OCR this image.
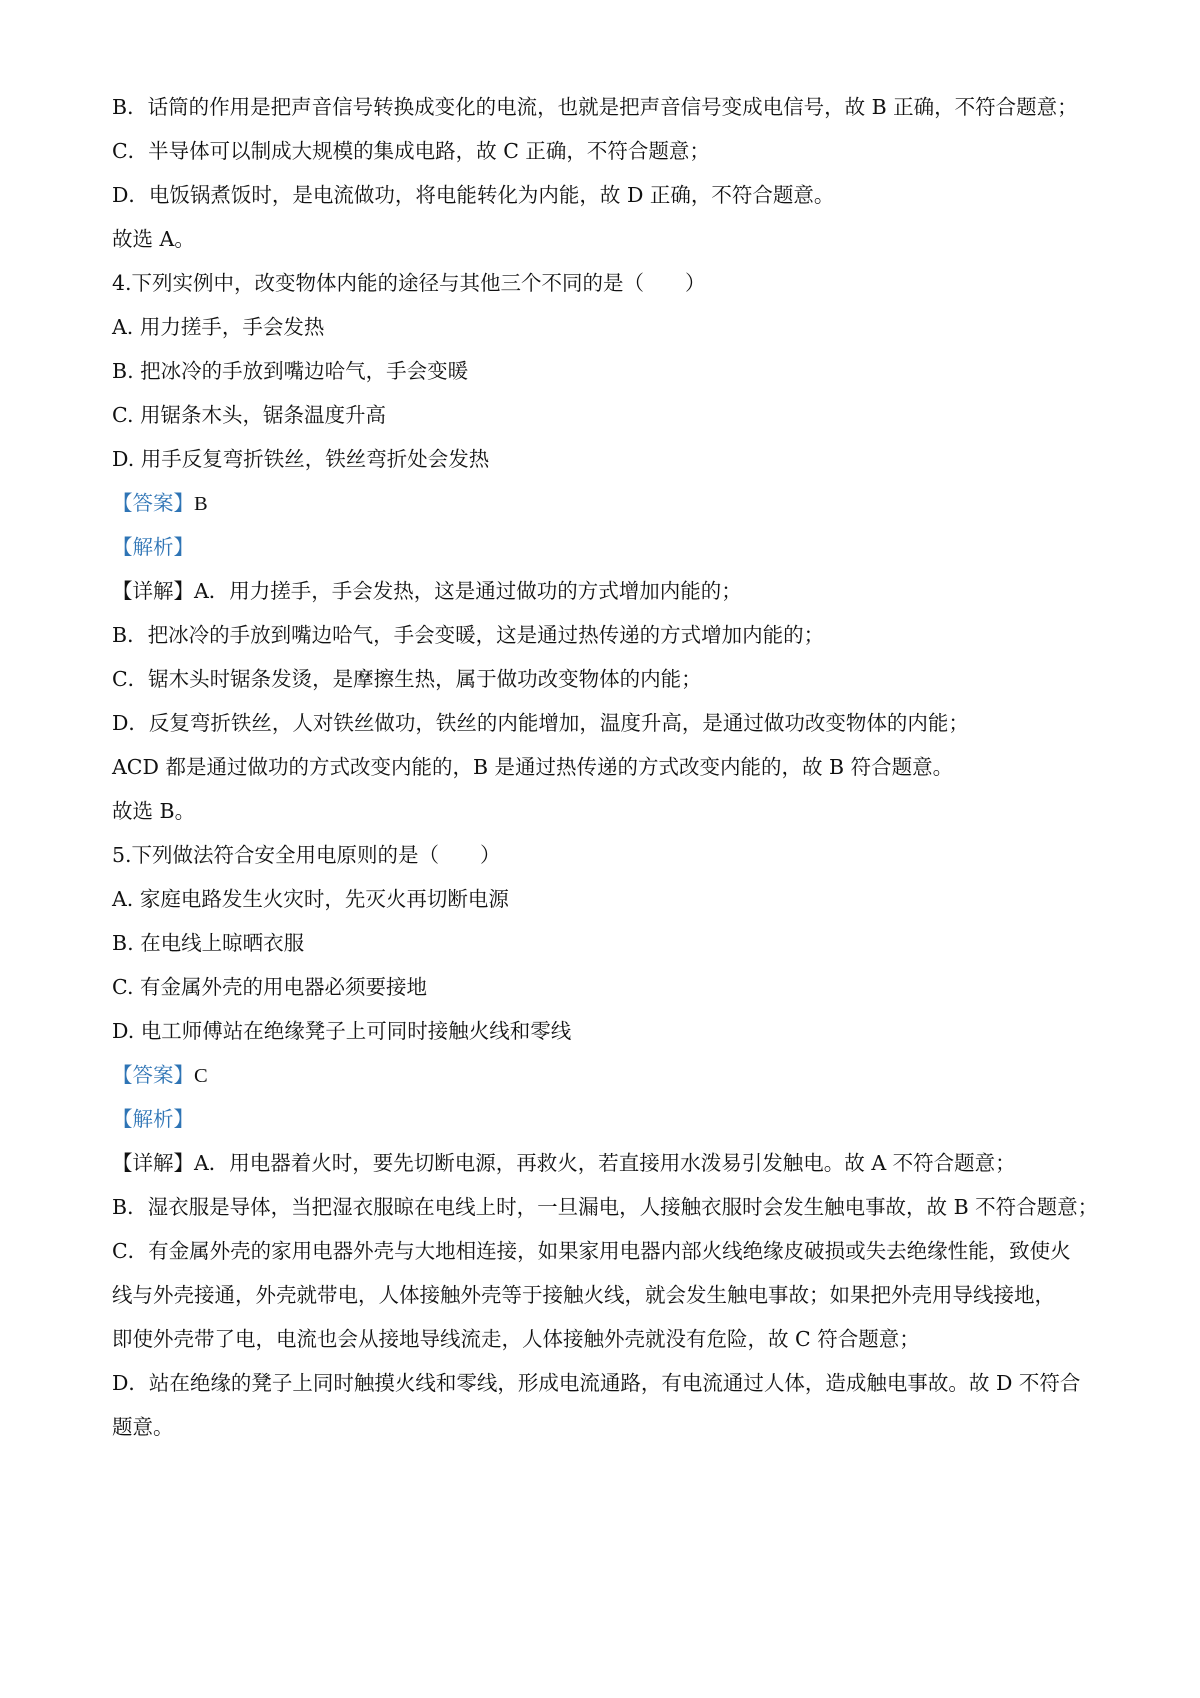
B．话筒的作用是把声音信号转换成变化的电流，也就是把声音信号变成电信号，故 B 正确，不符合题意；
C．半导体可以制成大规模的集成电路，故 C 正确，不符合题意；
D．电饭锅煮饭时，是电流做功，将电能转化为内能，故 D 正确，不符合题意。
故选 A。
4.下列实例中，改变物体内能的途径与其他三个不同的是（　　）
A. 用力搓手，手会发热
B. 把冰冷的手放到嘴边哈气，手会变暖
C. 用锯条木头，锯条温度升高
D. 用手反复弯折铁丝，铁丝弯折处会发热
【答案】B
【解析】
【详解】A．用力搓手，手会发热，这是通过做功的方式增加内能的；
B．把冰冷的手放到嘴边哈气，手会变暖，这是通过热传递的方式增加内能的；
C．锯木头时锯条发烫，是摩擦生热，属于做功改变物体的内能；
D．反复弯折铁丝，人对铁丝做功，铁丝的内能增加，温度升高，是通过做功改变物体的内能；
ACD 都是通过做功的方式改变内能的，B 是通过热传递的方式改变内能的，故 B 符合题意。
故选 B。
5.下列做法符合安全用电原则的是（　　）
A. 家庭电路发生火灾时，先灭火再切断电源
B. 在电线上晾晒衣服
C. 有金属外壳的用电器必须要接地
D. 电工师傅站在绝缘凳子上可同时接触火线和零线
【答案】C
【解析】
【详解】A．用电器着火时，要先切断电源，再救火，若直接用水泼易引发触电。故 A 不符合题意；
B．湿衣服是导体，当把湿衣服晾在电线上时，一旦漏电，人接触衣服时会发生触电事故，故 B 不符合题意；
C．有金属外壳的家用电器外壳与大地相连接，如果家用电器内部火线绝缘皮破损或失去绝缘性能，致使火
线与外壳接通，外壳就带电，人体接触外壳等于接触火线，就会发生触电事故；如果把外壳用导线接地，
即使外壳带了电，电流也会从接地导线流走，人体接触外壳就没有危险，故 C 符合题意；
D．站在绝缘的凳子上同时触摸火线和零线，形成电流通路，有电流通过人体，造成触电事故。故 D 不符合
题意。
